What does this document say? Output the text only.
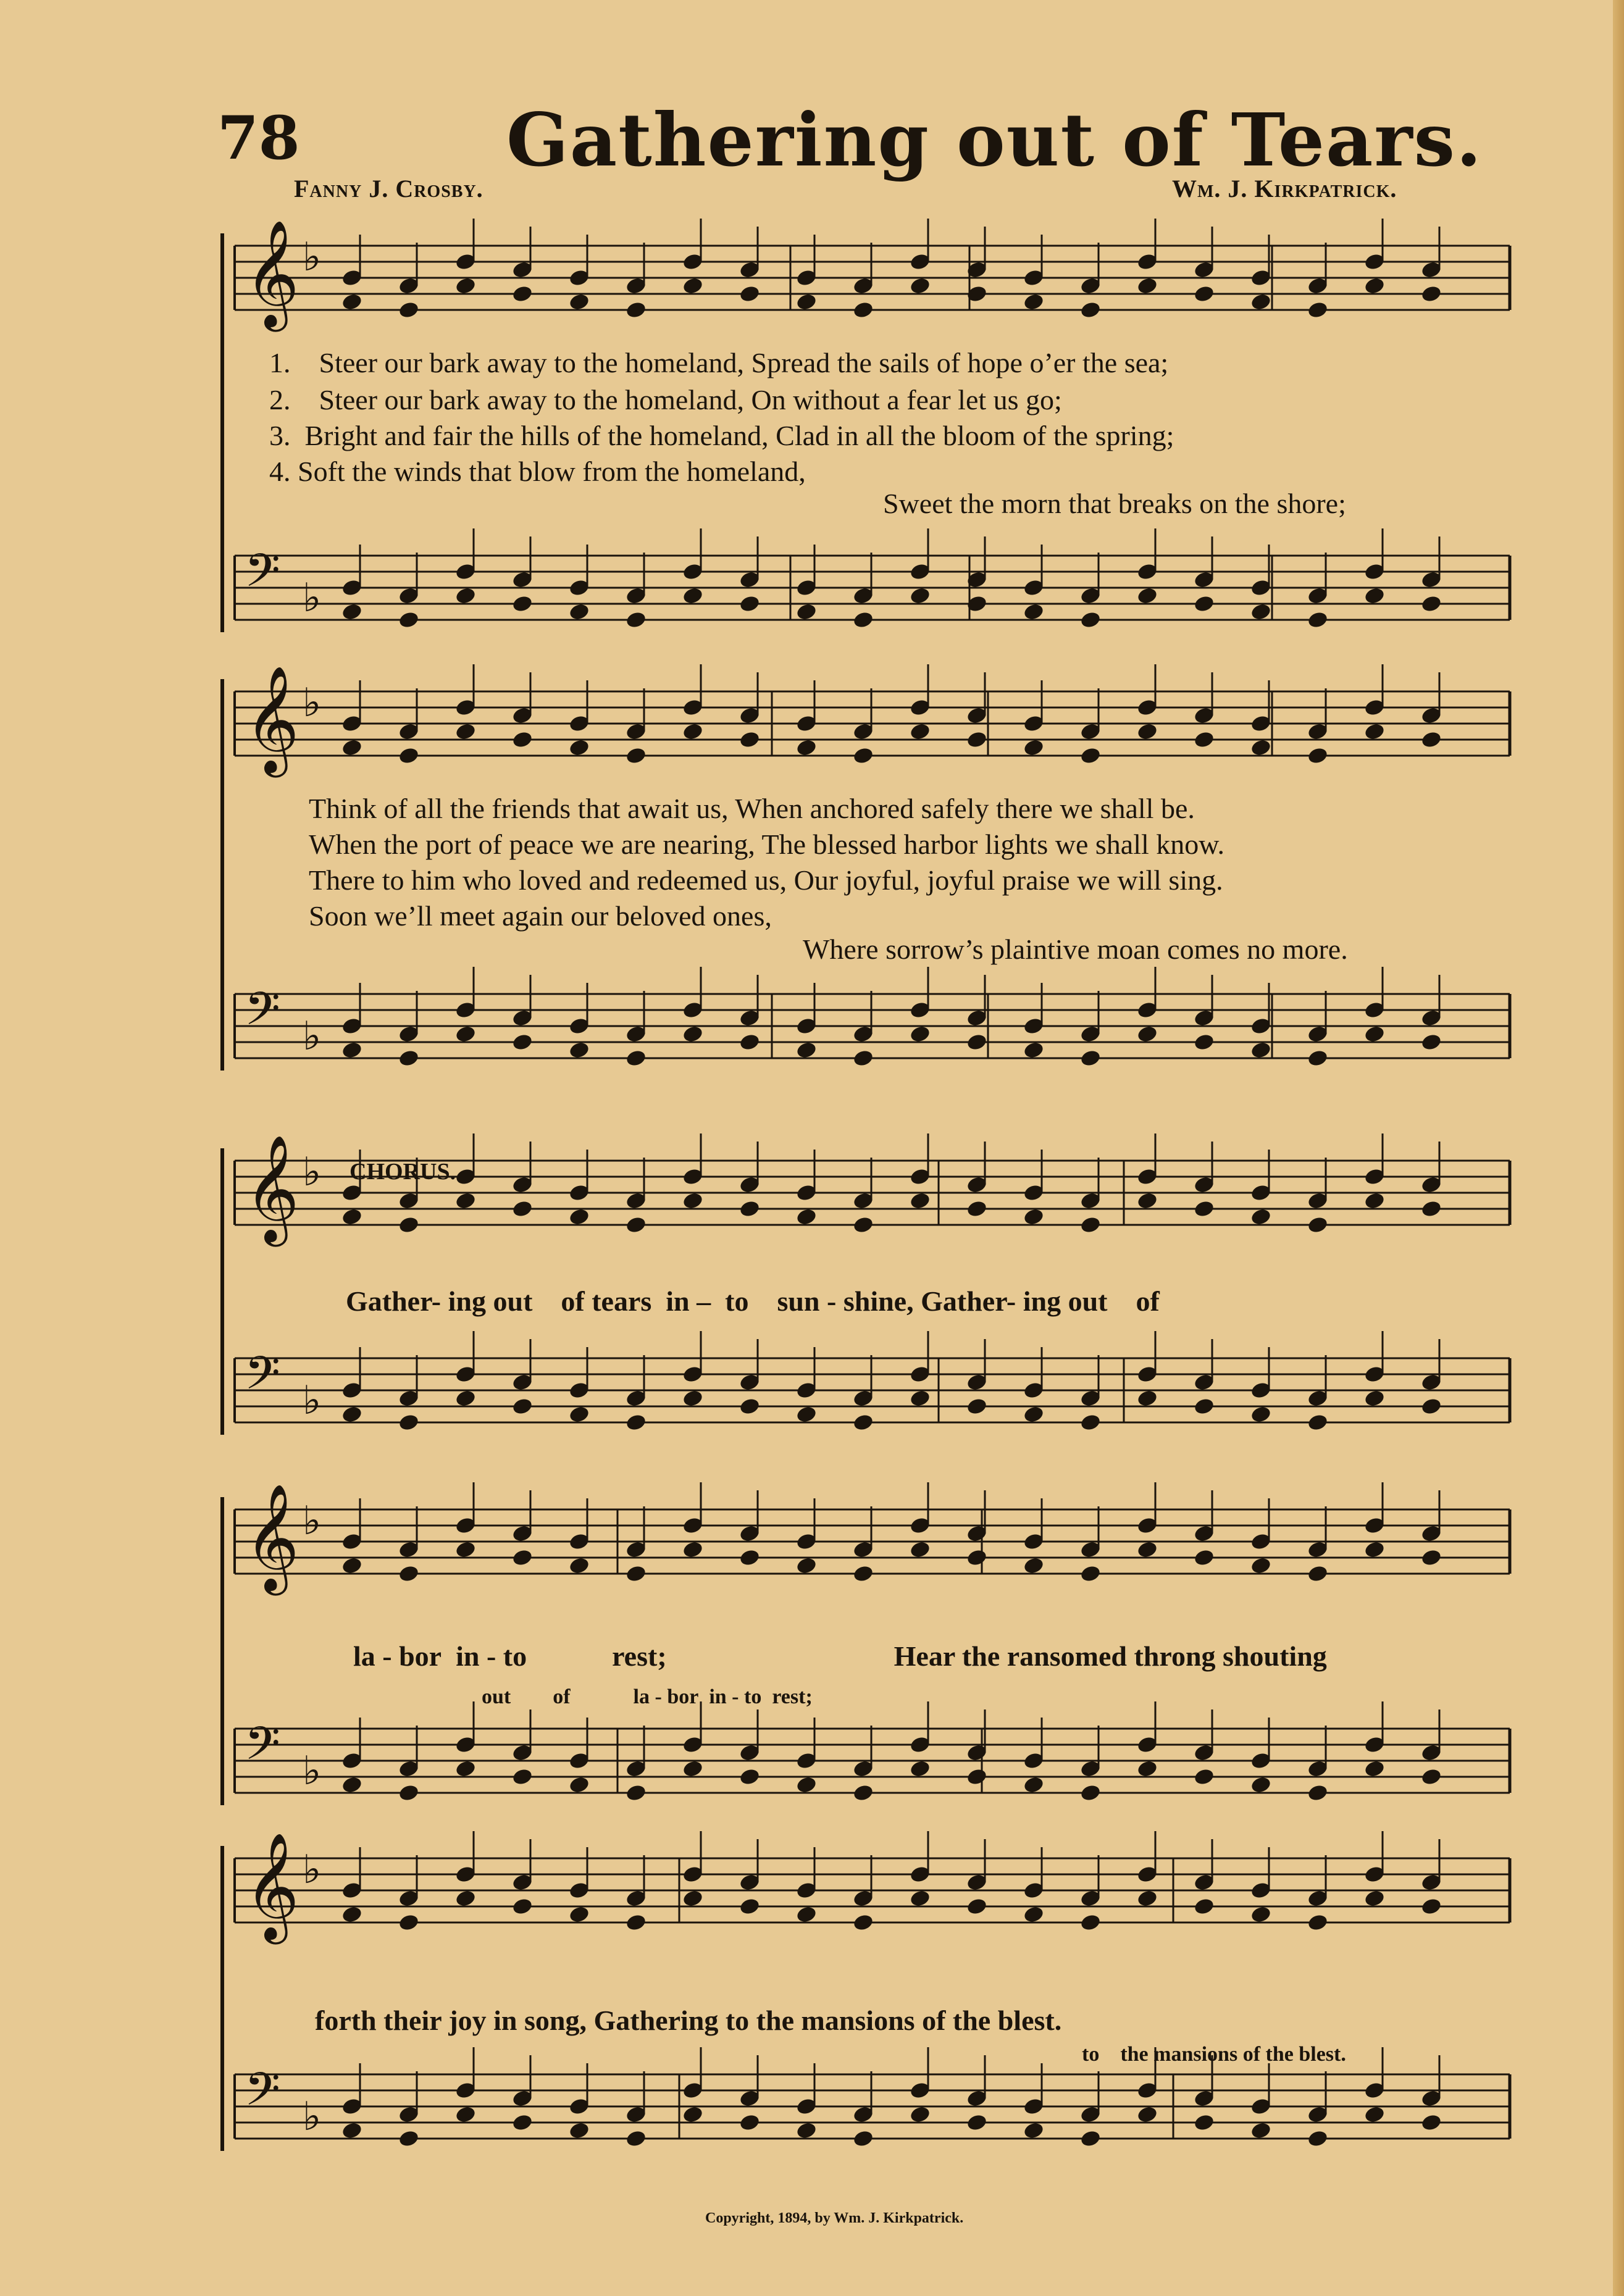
78	Gathering out of Tears.
Fanny J. Crosby.	Wm. J. Kirkpatrick.
𝄞 ♭
𝄢 ♭
𝄞 ♭
𝄢 ♭
𝄞 ♭
𝄢 ♭
𝄞 ♭
𝄢 ♭
𝄞 ♭
𝄢 ♭
1. Steer our bark away to the homeland, Spread the sails of hope o’er the sea;
2. Steer our bark away to the homeland, On without a fear let us go;
3. Bright and fair the hills of the homeland, Clad in all the bloom of the spring;
4. Soft the winds that blow from the homeland,
Sweet the morn that breaks on the shore;
Think of all the friends that await us, When anchored safely there we shall be.
When the port of peace we are nearing, The blessed harbor lights we shall know.
There to him who loved and redeemed us, Our joyful, joyful praise we will sing.
Soon we’ll meet again our beloved ones,
Where sorrow’s plaintive moan comes no more.
CHORUS.
Gather- ing out of tears in – to sun - shine, Gather- ing out of
la - bor in - to   rest;        Hear the ransomed throng shouting
out  of   la - bor in - to rest;
forth their joy in song, Gathering to the mansions of the blest.
to the mansions of the blest.
Copyright, 1894, by Wm. J. Kirkpatrick.
